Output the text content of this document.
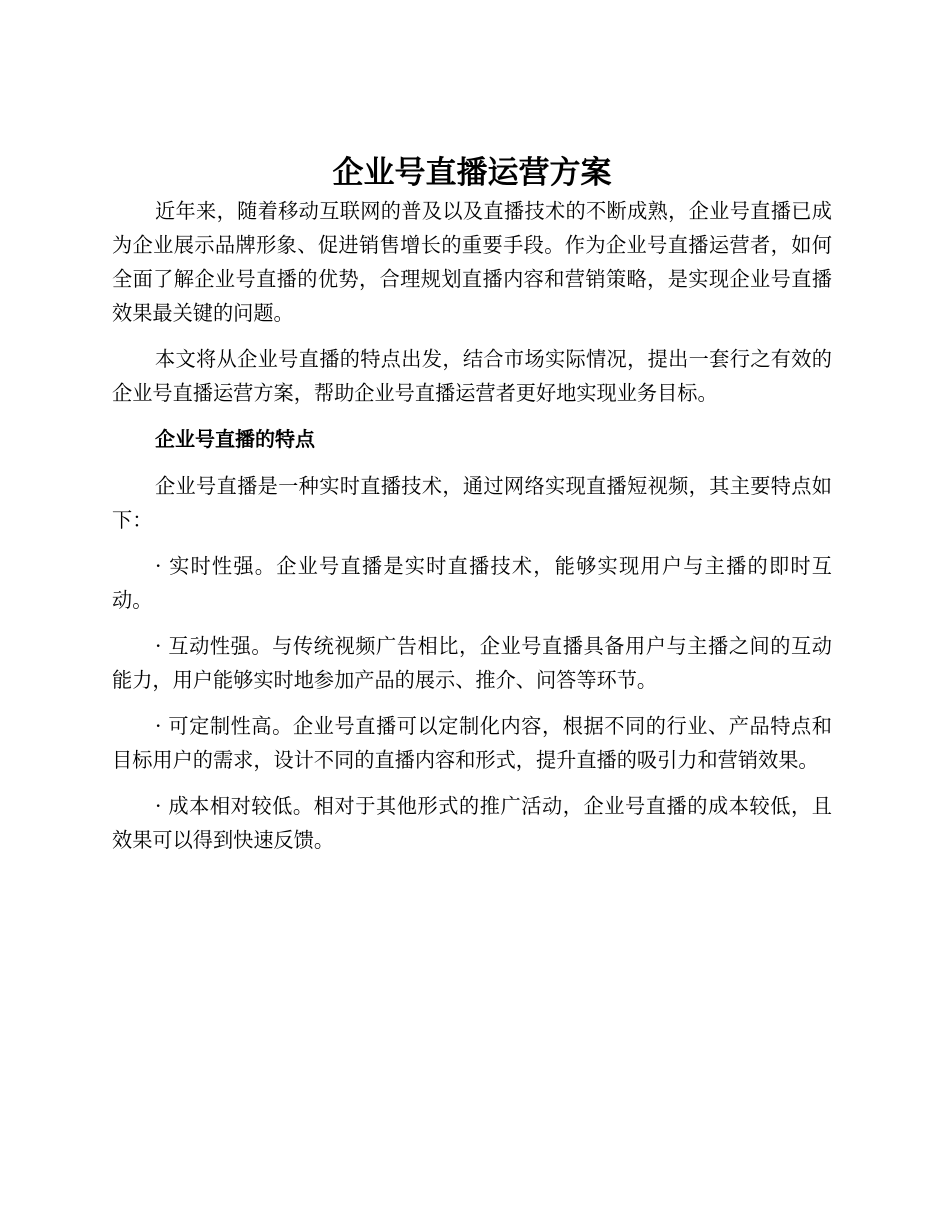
企业号直播运营方案

近年来，随着移动互联网的普及以及直播技术的不断成熟，企业号直播已成为企业展示品牌形象、促进销售增长的重要手段。作为企业号直播运营者，如何全面了解企业号直播的优势，合理规划直播内容和营销策略，是实现企业号直播效果最关键的问题。

本文将从企业号直播的特点出发，结合市场实际情况，提出一套行之有效的企业号直播运营方案，帮助企业号直播运营者更好地实现业务目标。

企业号直播的特点

企业号直播是一种实时直播技术，通过网络实现直播短视频，其主要特点如下：

· 实时性强。企业号直播是实时直播技术，能够实现用户与主播的即时互动。

· 互动性强。与传统视频广告相比，企业号直播具备用户与主播之间的互动能力，用户能够实时地参加产品的展示、推介、问答等环节。

· 可定制性高。企业号直播可以定制化内容，根据不同的行业、产品特点和目标用户的需求，设计不同的直播内容和形式，提升直播的吸引力和营销效果。

· 成本相对较低。相对于其他形式的推广活动，企业号直播的成本较低，且效果可以得到快速反馈。
